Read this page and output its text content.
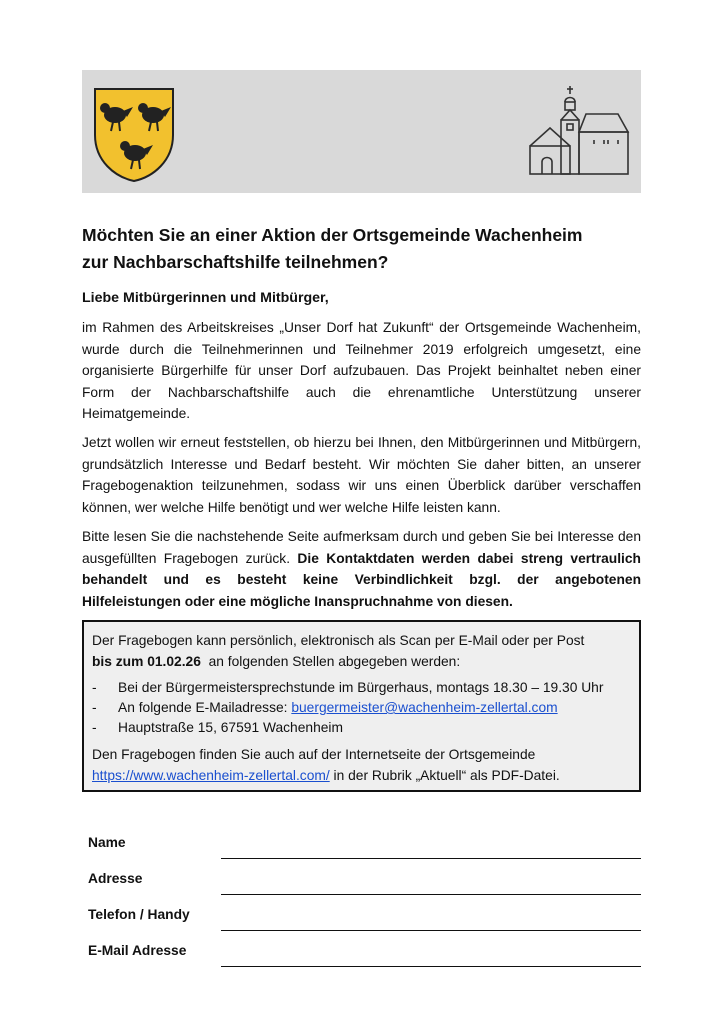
Möchten Sie an einer Aktion der Ortsgemeinde Wachenheim
zur Nachbarschaftshilfe teilnehmen?

Liebe Mitbürgerinnen und Mitbürger,

im Rahmen des Arbeitskreises „Unser Dorf hat Zukunft“ der Ortsgemeinde Wachenheim, wurde durch die Teilnehmerinnen und Teilnehmer 2019 erfolgreich umgesetzt, eine organisierte Bürgerhilfe für unser Dorf aufzubauen. Das Projekt beinhaltet neben einer Form der Nachbarschaftshilfe auch die ehrenamtliche Unterstützung unserer Heimatgemeinde.

Jetzt wollen wir erneut feststellen, ob hierzu bei Ihnen, den Mitbürgerinnen und Mitbürgern, grundsätzlich Interesse und Bedarf besteht. Wir möchten Sie daher bitten, an unserer Fragebogenaktion teilzunehmen, sodass wir uns einen Überblick darüber verschaffen können, wer welche Hilfe benötigt und wer welche Hilfe leisten kann.

Bitte lesen Sie die nachstehende Seite aufmerksam durch und geben Sie bei Interesse den ausgefüllten Fragebogen zurück. Die Kontaktdaten werden dabei streng vertraulich behandelt und es besteht keine Verbindlichkeit bzgl. der angebotenen Hilfeleistungen oder eine mögliche Inanspruchnahme von diesen.

Der Fragebogen kann persönlich, elektronisch als Scan per E-Mail oder per Post
bis zum 01.02.26  an folgenden Stellen abgegeben werden:

- Bei der Bürgermeistersprechstunde im Bürgerhaus, montags 18.30 – 19.30 Uhr
- An folgende E-Mailadresse: buergermeister@wachenheim-zellertal.com
- Hauptstraße 15, 67591 Wachenheim

Den Fragebogen finden Sie auch auf der Internetseite der Ortsgemeinde
https://www.wachenheim-zellertal.com/ in der Rubrik „Aktuell“ als PDF-Datei.

Name
Adresse
Telefon / Handy
E-Mail Adresse
